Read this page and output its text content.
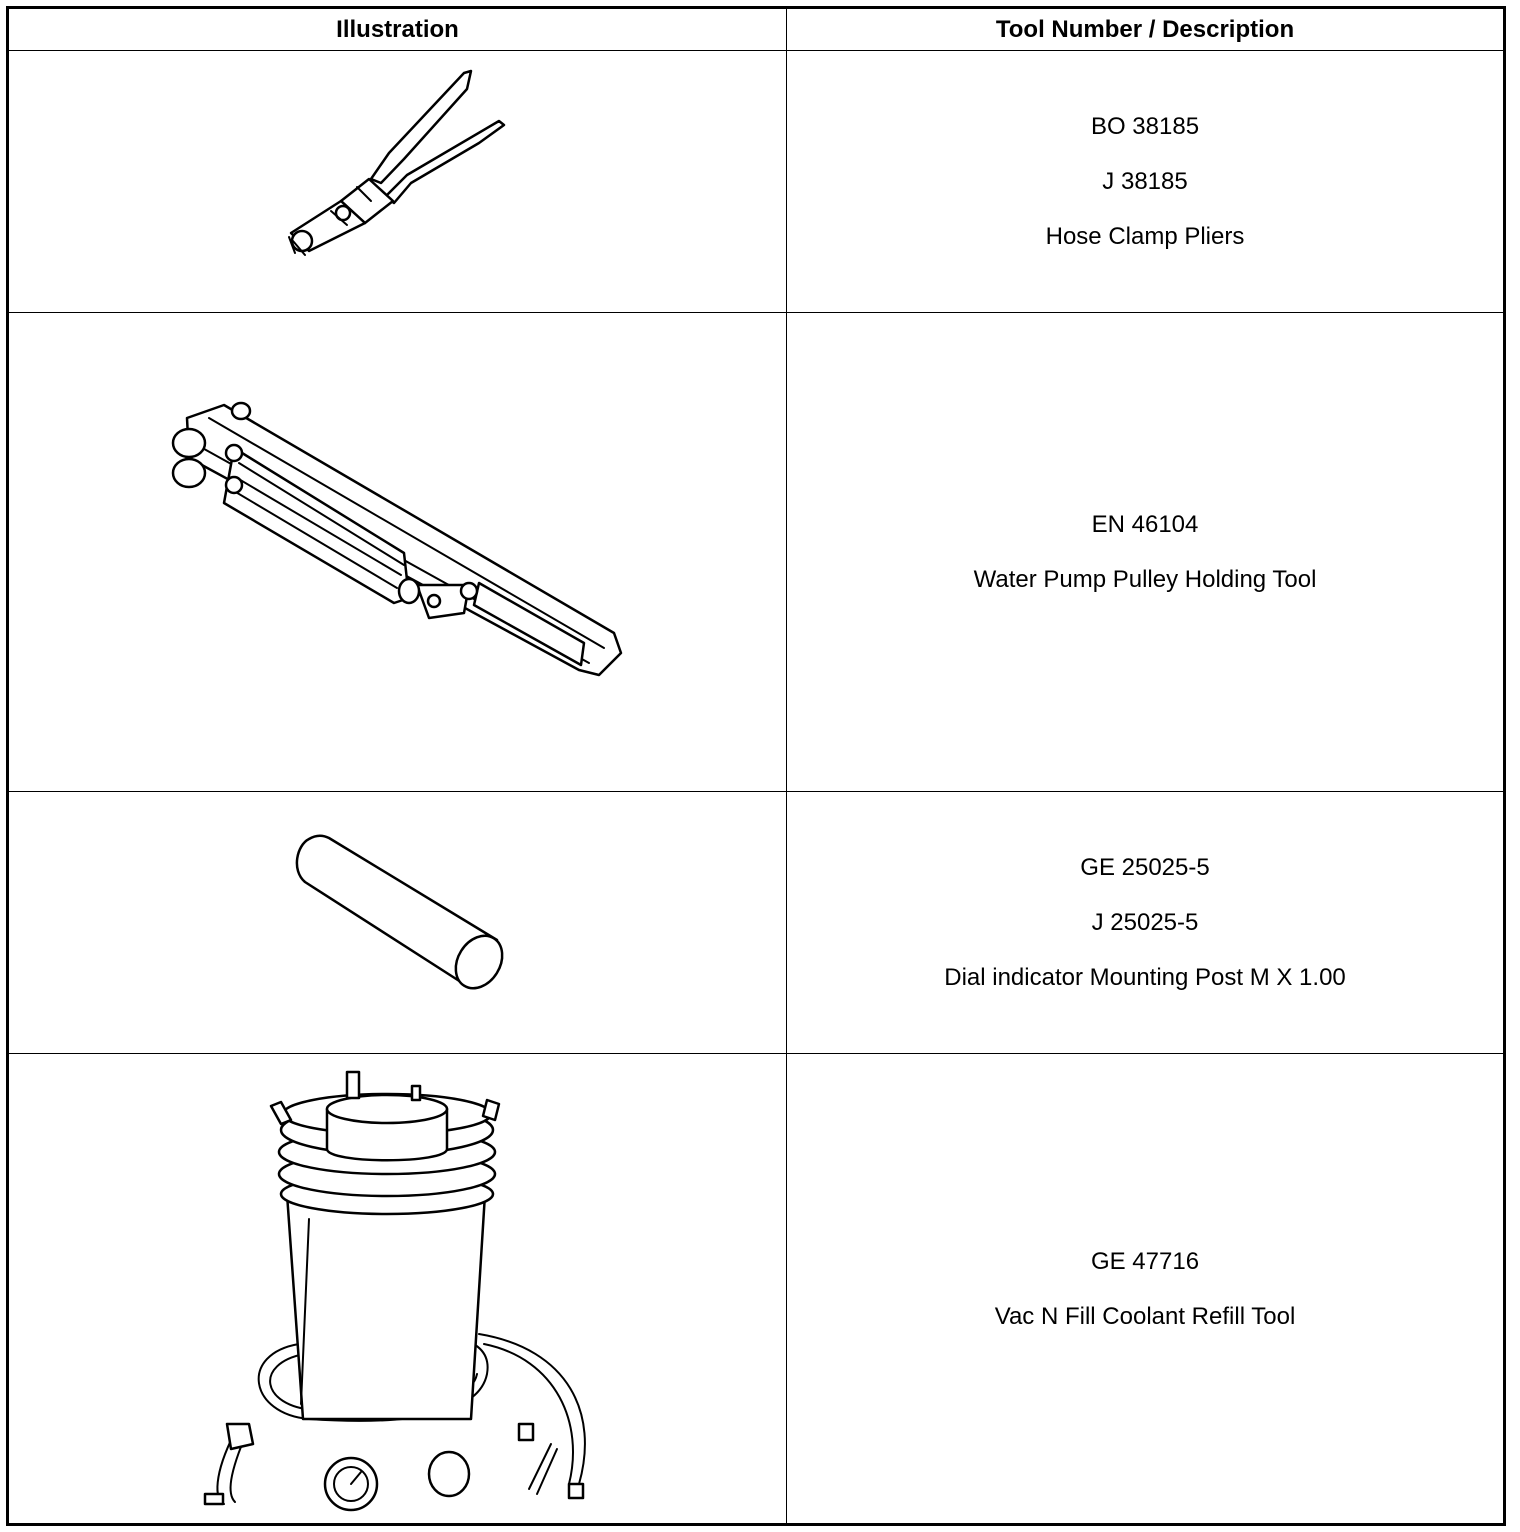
Illustration	Tool Number / Description
BO 38185
J 38185
Hose Clamp Pliers
EN 46104
Water Pump Pulley Holding Tool
GE 25025-5
J 25025-5
Dial indicator Mounting Post M X 1.00
GE 47716
Vac N Fill Coolant Refill Tool
